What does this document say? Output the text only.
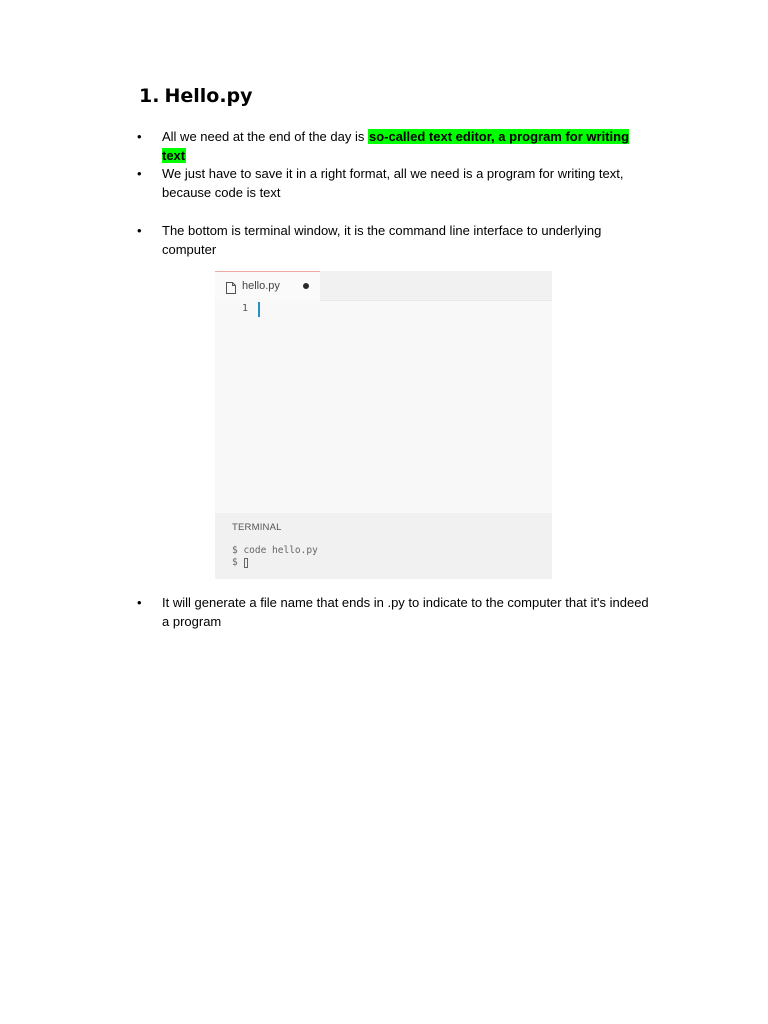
1. Hello.py
• All we need at the end of the day is so-called text editor, a program for writing text
• We just have to save it in a right format, all we need is a program for writing text, because code is text
• The bottom is terminal window, it is the command line interface to underlying computer
hello.py
1
TERMINAL
$ code hello.py
$
• It will generate a file name that ends in .py to indicate to the computer that it's indeed a program
